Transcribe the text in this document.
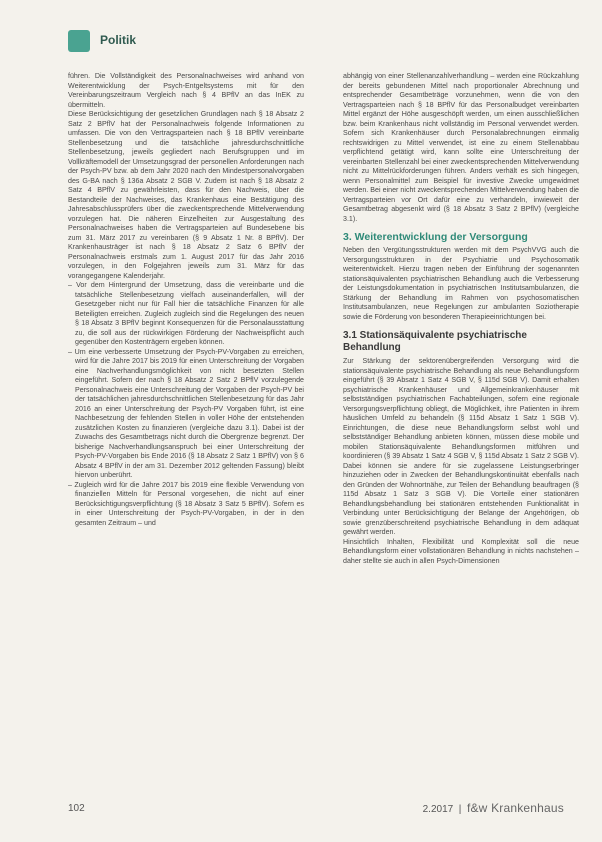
Politik

führen. Die Vollständigkeit des Personalnachweises wird anhand von Weiterentwicklung der Psych-Entgeltsystems mit für den Vereinbarungszeitraum Vergleich nach § 4 BPflV an das InEK zu übermitteln.

Diese Berücksichtigung der gesetzlichen Grundlagen nach § 18 Absatz 2 Satz 2 BPflV hat der Personalnachweis folgende Informationen zu umfassen. Die von den Vertragsparteien nach § 18 BPflV vereinbarte Stellenbesetzung und die tatsächliche jahresdurchschnittliche Stellenbesetzung, jeweils gegliedert nach Berufsgruppen und im Vollkräftemodell der Umsetzungsgrad der personellen Anforderungen nach der Psych-PV bzw. ab dem Jahr 2020 nach den Mindestpersonalvorgaben des G-BA nach § 136a Absatz 2 SGB V. Zudem ist nach § 18 Absatz 2 Satz 4 BPflV zu gewährleisten, dass für den Nachweis, über die Bestandteile der Nachweises, das Krankenhaus eine Bestätigung des Jahresabschlussprüfers über die zweckentsprechende Mittelverwendung vorzulegen hat. Die näheren Einzelheiten zur Ausgestaltung des Personalnachweises haben die Vertragsparteien auf Bundesebene bis zum 31. März 2017 zu vereinbaren (§ 9 Absatz 1 Nr. 8 BPflV). Der Krankenhausträger ist nach § 18 Absatz 2 Satz 6 BPflV der Personalnachweis erstmals zum 1. August 2017 für das Jahr 2016 vorzulegen, in den Folgejahren jeweils zum 31. März für das vorangegangene Kalenderjahr.

– Vor dem Hintergrund der Umsetzung, dass die vereinbarte und die tatsächliche Stellenbesetzung vielfach auseinanderfallen, will der Gesetzgeber nicht nur für Fall hier die tatsächliche Finanzen für alle Beteiligten erreichen. Zugleich zugleich sind die Regelungen des neuen § 18 Absatz 3 BPflV beginnt Konsequenzen für die Personalausstattung zu, die soll aus der rückwirkigen Förderung der Nachweispflicht auch gegenüber den Kostenträgern ergeben können.

– Um eine verbesserte Umsetzung der Psych-PV-Vorgaben zu erreichen, wird für die Jahre 2017 bis 2019 für einen Unterschreitung der Vorgaben eine Nachverhandlungsmöglichkeit von nicht besetzten Stellen eingeführt. Sofern der nach § 18 Absatz 2 Satz 2 BPflV vorzulegende Personalnachweis eine Unterschreitung der Vorgaben der Psych-PV bei der tatsächlichen jahresdurchschnittlichen Stellenbesetzung für das Jahr 2016 an einer Unterschreitung der Psych-PV Vorgaben führt, ist eine Nachbesetzung der fehlenden Stellen in voller Höhe der entstehenden zusätzlichen Kosten zu finanzieren (vergleiche dazu 3.1). Dabei ist der Zuwachs des Gesamtbetrags nicht durch die Obergrenze begrenzt. Der bisherige Nachverhandlungsanspruch bei einer Unterschreitung der Psych-PV-Vorgaben bis Ende 2016 (§ 18 Absatz 2 Satz 1 BPflV) von § 6 Absatz 4 BPflV in der am 31. Dezember 2012 geltenden Fassung) bleibt hiervon unberührt.

– Zugleich wird für die Jahre 2017 bis 2019 eine flexible Verwendung von finanziellen Mitteln für Personal vorgesehen, die nicht auf einer Berücksichtigungsverpflichtung (§ 18 Absatz 3 Satz 5 BPflV). Sofern es in einer Unterschreitung der Psych-PV-Vorgaben, in der in den gesamten Zeitraum – und

abhängig von einer Stellenanzahlverhandlung – werden eine Rückzahlung der bereits gebundenen Mittel nach proportionaler Abrechnung und entsprechender Gesamtbeträge vorzunehmen, wenn die von den Vertragsparteien nach § 18 BPflV für das Personalbudget vereinbarten Mittel ergänzt der Höhe ausgeschöpft werden, um einen ausschließlichen bzw. beim Krankenhaus nicht vollständig im Personal verwendet werden. Sofern sich Krankenhäuser durch Personalabrechnungen einmalig rechtswidrigen zu Mittel verwendet, ist eine zu einem Stellenabbau verpflichtend getätigt wird, kann sollte eine Unterschreitung der vereinbarten Stellenzahl bei einer zweckentsprechenden Mittelverwendung nicht zu Mittelrückforderungen führen. Anders verhält es sich hingegen, wenn Personalmittel zum Beispiel für investive Zwecke umgewidmet werden. Bei einer nicht zweckentsprechenden Mittelverwendung haben die Vertragsparteien vor Ort dafür eine zu verhandeln, inwieweit der Gesamtbetrag abgesenkt wird (§ 18 Absatz 3 Satz 2 BPflV) (vergleiche 3.1).

3. Weiterentwicklung der Versorgung

Neben den Vergütungsstrukturen werden mit dem PsychVVG auch die Versorgungsstrukturen in der Psychiatrie und Psychosomatik weiterentwickelt. Hierzu tragen neben der Einführung der sogenannten stationsäquivalenten psychiatrischen Behandlung auch die Verbesserung der Leistungsdokumentation in psychiatrischen Institutsambulanzen, die Stärkung der Behandlung im Rahmen von psychosomatischen Institutsambulanzen, neue Regelungen zur ambulanten Soziotherapie sowie die Förderung von besonderen Therapieeinrichtungen bei.

3.1 Stationsäquivalente psychiatrische Behandlung

Zur Stärkung der sektorenübergreifenden Versorgung wird die stationsäquivalente psychiatrische Behandlung als neue Behandlungsform eingeführt (§ 39 Absatz 1 Satz 4 SGB V, § 115d SGB V). Damit erhalten psychiatrische Krankenhäuser und Allgemeinkrankenhäuser mit selbstständigen psychiatrischen Fachabteilungen, sofern eine regionale Versorgungsverpflichtung obliegt, die Möglichkeit, ihre Patienten in ihrem häuslichen Umfeld zu behandeln (§ 115d Absatz 1 Satz 1 SGB V). Einrichtungen, die diese neue Behandlungsform selbst wohl und selbstständiger Behandlung anbieten können, müssen diese mobile und mobilen Stationsäquivalente Behandlungsformen mitführen und koordinieren (§ 39 Absatz 1 Satz 4 SGB V, § 115d Absatz 1 Satz 2 SGB V). Dabei können sie andere für sie zugelassene Leistungserbringer hinzuziehen oder in Zwecken der Behandlungskontinuität ebenfalls nach den Gründen der Wohnortnähe, zur Teilen der Behandlung beauftragen (§ 115d Absatz 1 Satz 3 SGB V). Die Vorteile einer stationären Behandlungsbehandlung bei stationären entstehenden Funktionalität in Verbindung unter Berücksichtigung der Belange der Angehörigen, ob sowie grenzüberschreitend psychiatrische Behandlung in dem adäquat gewährt werden.

Hinsichtlich Inhalten, Flexibilität und Komplexität soll die neue Behandlungsform einer vollstationären Behandlung in nichts nachstehen – daher stellte sie auch in allen Psych-Dimensionen

102	2.2017  |  f&w Krankenhaus
